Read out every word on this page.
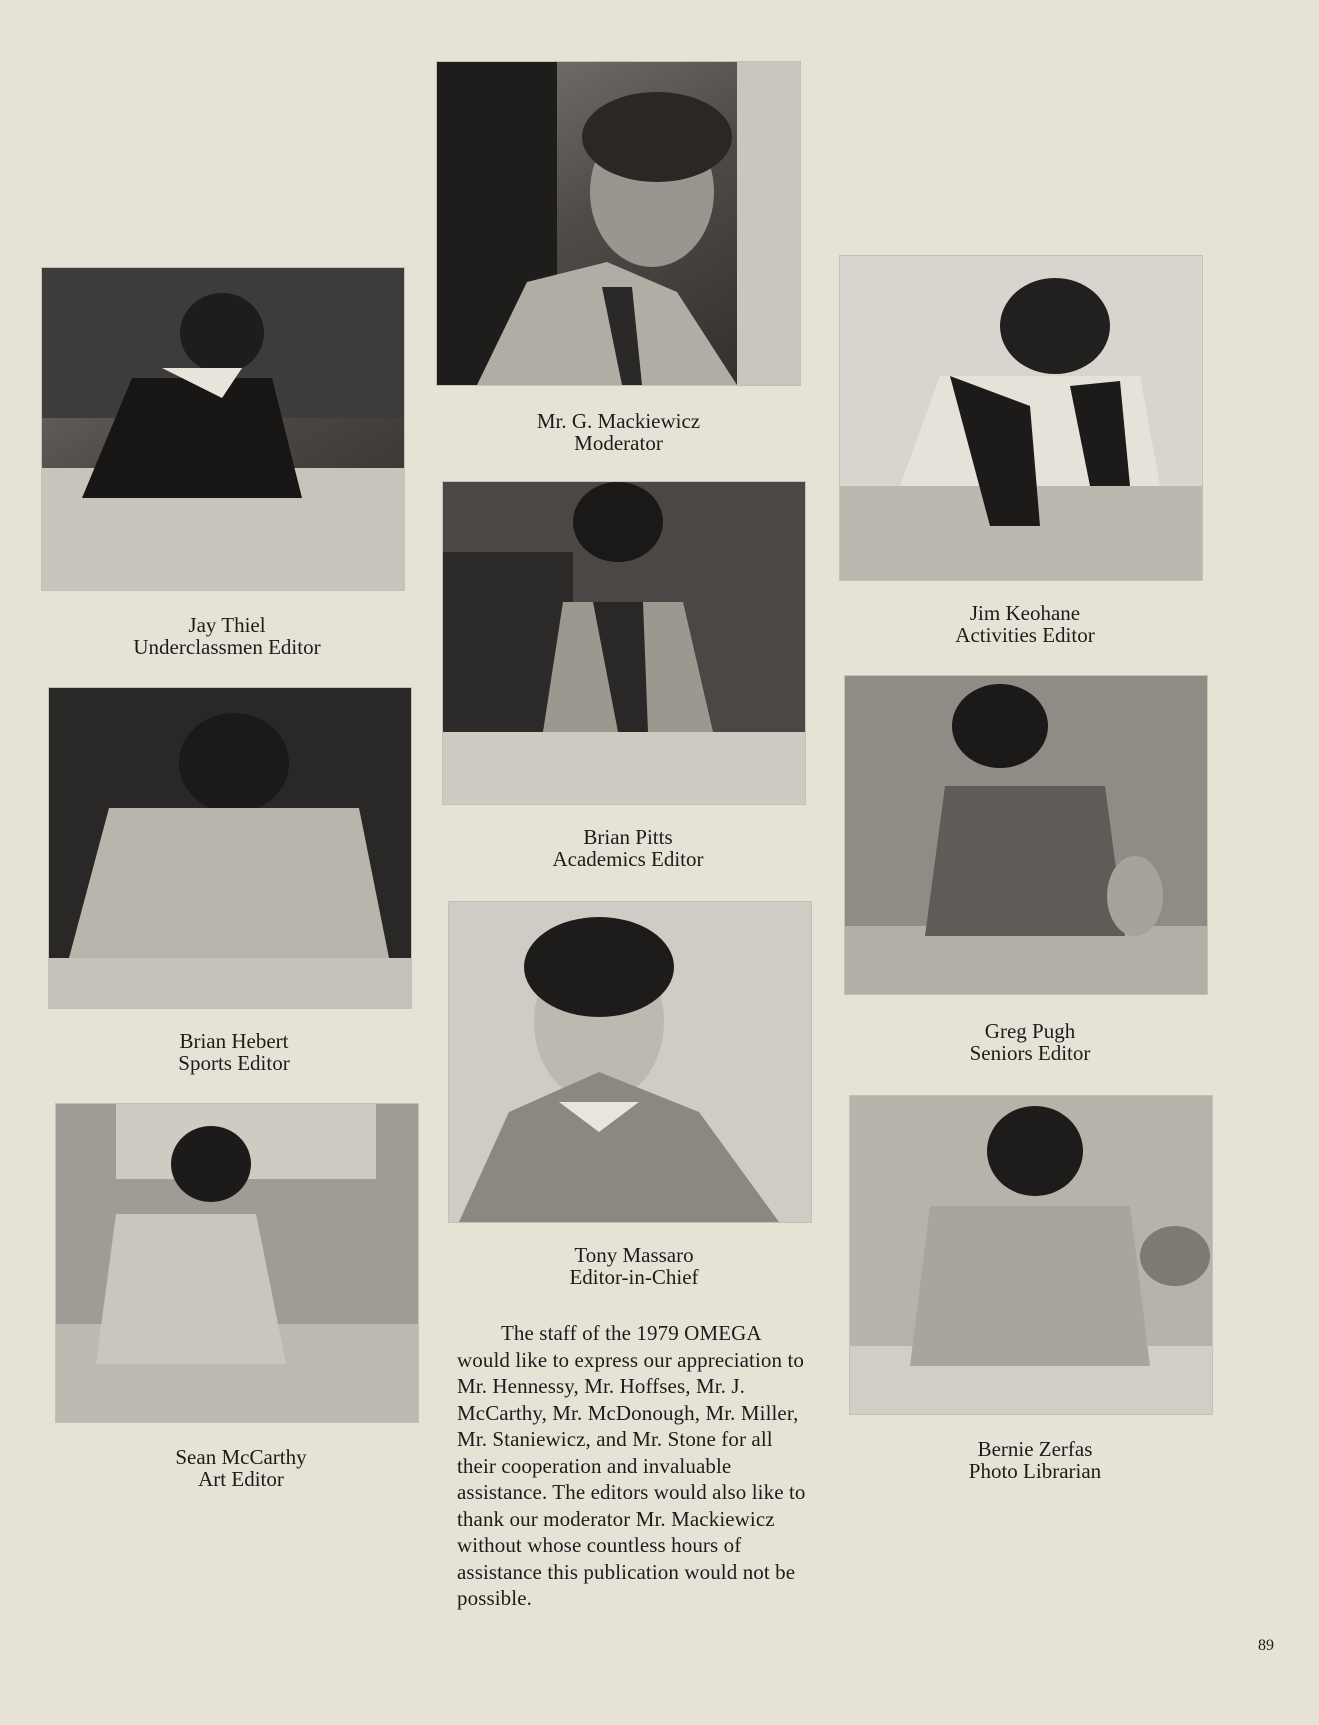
Mr. G. Mackiewicz
Moderator
Jay Thiel
Underclassmen Editor
Jim Keohane
Activities Editor
Brian Pitts
Academics Editor
Brian Hebert
Sports Editor
Greg Pugh
Seniors Editor
Tony Massaro
Editor-in-Chief
Sean McCarthy
Art Editor
Bernie Zerfas
Photo Librarian
The staff of the 1979 OMEGA would like to express our appreciation to Mr. Hennessy, Mr. Hoffses, Mr. J. McCarthy, Mr. McDonough, Mr. Miller, Mr. Staniewicz, and Mr. Stone for all their cooperation and invaluable assistance. The editors would also like to thank our moderator Mr. Mackiewicz without whose countless hours of assistance this publication would not be possible.
89
